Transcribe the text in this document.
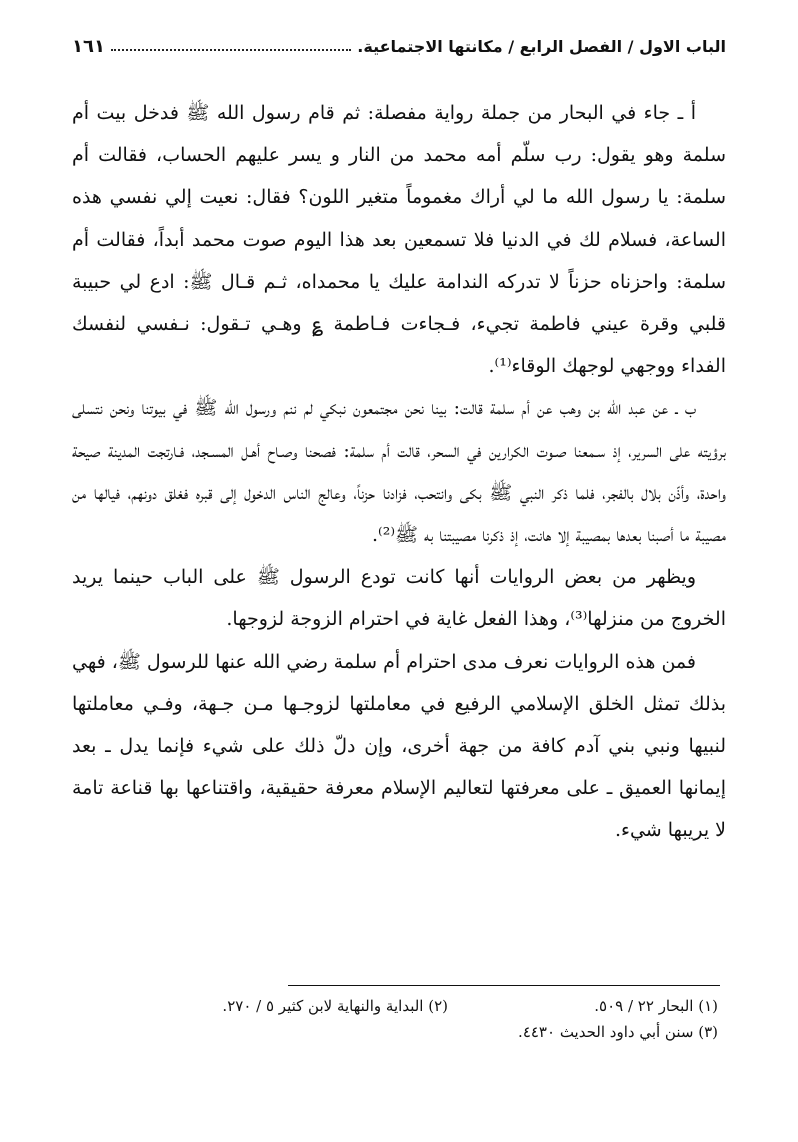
الباب الاول / الفصل الرابع / مكانتها الاجتماعية.
١٦١

أ ـ جاء في البحار من جملة رواية مفصلة: ثم قام رسول الله ﷺ فدخل بيت أم سلمة وهو يقول: رب سلّم أمه محمد من النار و يسر عليهم الحساب، فقالت أم سلمة: يا رسول الله ما لي أراك مغموماً متغير اللون؟ فقال: نعيت إلي نفسي هذه الساعة، فسلام لك في الدنيا فلا تسمعين بعد هذا اليوم صوت محمد أبداً، فقالت أم سلمة: واحزناه حزناً لا تدركه الندامة عليك يا محمداه، ثـم قـال ﷺ: ادع لي حبيبة قلبي وقرة عيني فاطمة تجيء، فـجاءت فـاطمة ؏ وهـي تـقول: نـفسي لنفسك الفداء ووجهي لوجهك الوقاء⁽¹⁾.

ب ـ عن عبد الله بن وهب عن أم سلمة قالت: بينا نحن مجتمعون نبكي لم ننم ورسول الله ﷺ في بيوتنا ونحن نتسلى برؤيته على السرير، إذ سـمعنا صـوت الكرارين في السحر، قالت أم سلمة: فصحنا وصـاح أهـل المسـجد، فـارتجت المدينة صيحة واحدة، وأذّن بلال بالفجر، فلما ذكر النبي ﷺ بكى وانتحب، فزادنا حزناً، وعالج الناس الدخول إلى قبره فغلق دونهم، فيالها من مصيبة ما أصبنا بعدها بمصيبة إلا هانت، إذ ذكرنا مصيبتنا به ﷺ⁽²⁾.

ويظهر من بعض الروايات أنها كانت تودع الرسول ﷺ على الباب حينما يريد الخروج من منزلها⁽³⁾، وهذا الفعل غاية في احترام الزوجة لزوجها.

فمن هذه الروايات نعرف مدى احترام أم سلمة رضي الله عنها للرسول ﷺ، فهي بذلك تمثل الخلق الإسلامي الرفيع في معاملتها لزوجـها مـن جـهة، وفـي معاملتها لنبيها ونبي بني آدم كافة من جهة أخرى، وإن دلّ ذلك على شيء فإنما يدل ـ بعد إيمانها العميق ـ على معرفتها لتعاليم الإسلام معرفة حقيقية، واقتناعها بها قناعة تامة لا يريبها شيء.

(١) البحار ٢٢ / ٥٠٩.
(٢) البداية والنهاية لابن كثير ٥ / ٢٧٠.
(٣) سنن أبي داود الحديث ٤٤٣٠.
